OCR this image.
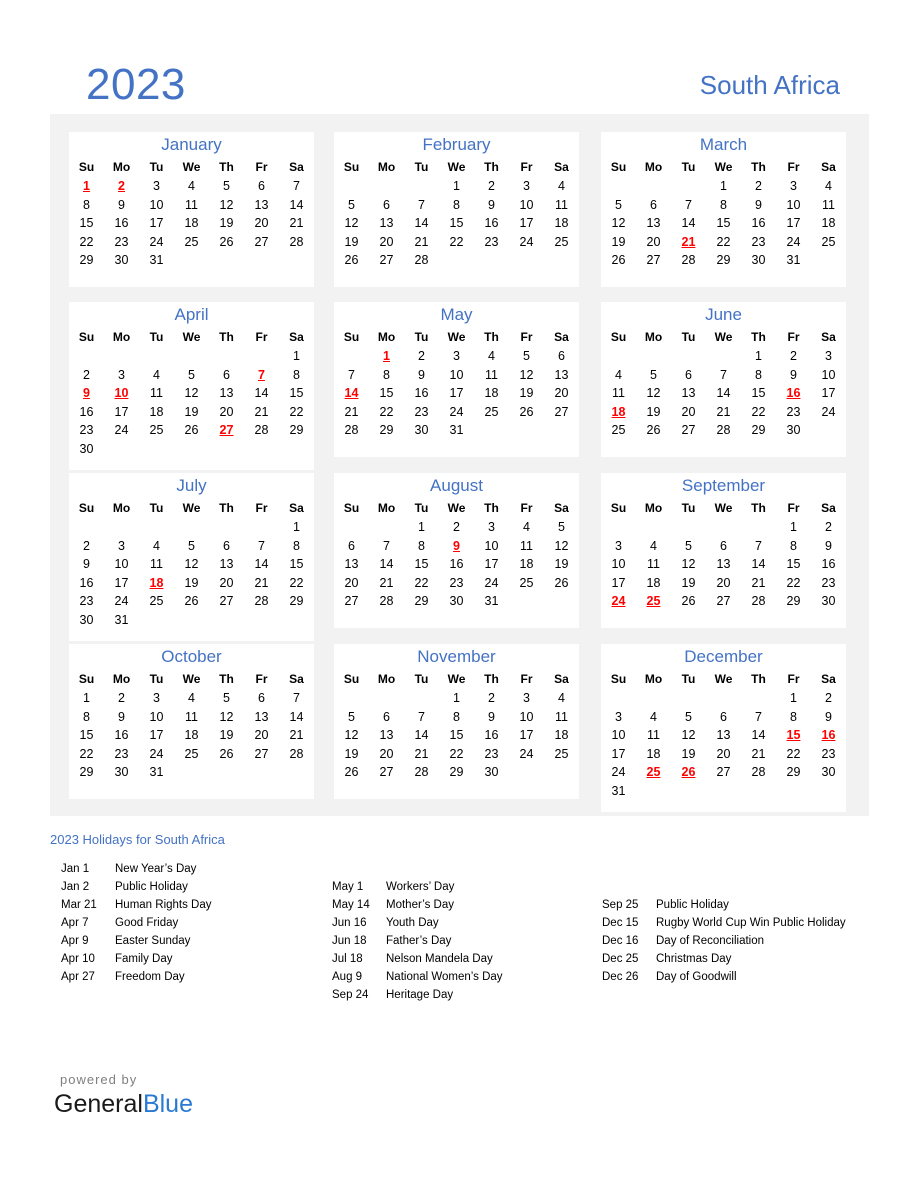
2023	South Africa
January
Su	Mo	Tu	We	Th	Fr	Sa
1	2	3	4	5	6	7
8	9	10	11	12	13	14
15	16	17	18	19	20	21
22	23	24	25	26	27	28
29	30	31				
February
Su	Mo	Tu	We	Th	Fr	Sa
			1	2	3	4
5	6	7	8	9	10	11
12	13	14	15	16	17	18
19	20	21	22	23	24	25
26	27	28				
March
Su	Mo	Tu	We	Th	Fr	Sa
			1	2	3	4
5	6	7	8	9	10	11
12	13	14	15	16	17	18
19	20	21	22	23	24	25
26	27	28	29	30	31	
April
Su	Mo	Tu	We	Th	Fr	Sa
						1
2	3	4	5	6	7	8
9	10	11	12	13	14	15
16	17	18	19	20	21	22
23	24	25	26	27	28	29
30						
May
Su	Mo	Tu	We	Th	Fr	Sa
	1	2	3	4	5	6
7	8	9	10	11	12	13
14	15	16	17	18	19	20
21	22	23	24	25	26	27
28	29	30	31			
June
Su	Mo	Tu	We	Th	Fr	Sa
				1	2	3
4	5	6	7	8	9	10
11	12	13	14	15	16	17
18	19	20	21	22	23	24
25	26	27	28	29	30	
July
Su	Mo	Tu	We	Th	Fr	Sa
						1
2	3	4	5	6	7	8
9	10	11	12	13	14	15
16	17	18	19	20	21	22
23	24	25	26	27	28	29
30	31					
August
Su	Mo	Tu	We	Th	Fr	Sa
		1	2	3	4	5
6	7	8	9	10	11	12
13	14	15	16	17	18	19
20	21	22	23	24	25	26
27	28	29	30	31		
September
Su	Mo	Tu	We	Th	Fr	Sa
					1	2
3	4	5	6	7	8	9
10	11	12	13	14	15	16
17	18	19	20	21	22	23
24	25	26	27	28	29	30
October
Su	Mo	Tu	We	Th	Fr	Sa
1	2	3	4	5	6	7
8	9	10	11	12	13	14
15	16	17	18	19	20	21
22	23	24	25	26	27	28
29	30	31				
November
Su	Mo	Tu	We	Th	Fr	Sa
			1	2	3	4
5	6	7	8	9	10	11
12	13	14	15	16	17	18
19	20	21	22	23	24	25
26	27	28	29	30		
December
Su	Mo	Tu	We	Th	Fr	Sa
					1	2
3	4	5	6	7	8	9
10	11	12	13	14	15	16
17	18	19	20	21	22	23
24	25	26	27	28	29	30
31						
2023 Holidays for South Africa
Jan 1 New Year’s Day
Jan 2 Public Holiday
Mar 21 Human Rights Day
Apr 7 Good Friday
Apr 9 Easter Sunday
Apr 10 Family Day
Apr 27 Freedom Day
May 1 Workers’ Day
May 14 Mother’s Day
Jun 16 Youth Day
Jun 18 Father’s Day
Jul 18 Nelson Mandela Day
Aug 9 National Women’s Day
Sep 24 Heritage Day
Sep 25 Public Holiday
Dec 15 Rugby World Cup Win Public Holiday
Dec 16 Day of Reconciliation
Dec 25 Christmas Day
Dec 26 Day of Goodwill
powered by
GeneralBlue
